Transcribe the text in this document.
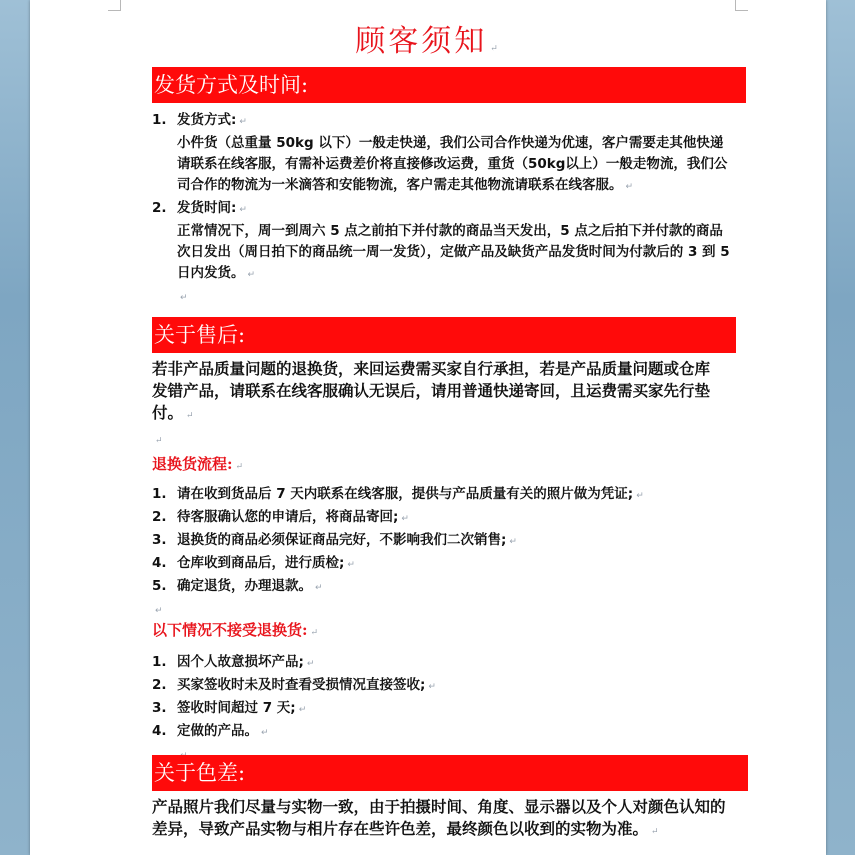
顾客须知 ↵
发货方式及时间:
1. 发货方式: ↵
小件货（总重量 50kg 以下）一般走快递，我们公司合作快递为优速，客户需要走其他快递请联系在线客服，有需补运费差价将直接修改运费，重货（50kg以上）一般走物流，我们公司合作的物流为一米滴答和安能物流，客户需走其他物流请联系在线客服。 ↵
2. 发货时间: ↵
正常情况下，周一到周六 5 点之前拍下并付款的商品当天发出，5 点之后拍下并付款的商品次日发出（周日拍下的商品统一周一发货），定做产品及缺货产品发货时间为付款后的 3 到 5 日内发货。 ↵
↵
关于售后:
若非产品质量问题的退换货，来回运费需买家自行承担，若是产品质量问题或仓库发错产品，请联系在线客服确认无误后，请用普通快递寄回，且运费需买家先行垫付。 ↵
↵
退换货流程: ↵
1. 请在收到货品后 7 天内联系在线客服，提供与产品质量有关的照片做为凭证; ↵
2. 待客服确认您的申请后，将商品寄回; ↵
3. 退换货的商品必须保证商品完好，不影响我们二次销售; ↵
4. 仓库收到商品后，进行质检; ↵
5. 确定退货，办理退款。 ↵
↵
以下情况不接受退换货: ↵
1. 因个人故意损坏产品; ↵
2. 买家签收时未及时查看受损情况直接签收; ↵
3. 签收时间超过 7 天; ↵
4. 定做的产品。 ↵
关于色差:
产品照片我们尽量与实物一致，由于拍摄时间、角度、显示器以及个人对颜色认知的差异，导致产品实物与相片存在些许色差，最终颜色以收到的实物为准。 ↵
